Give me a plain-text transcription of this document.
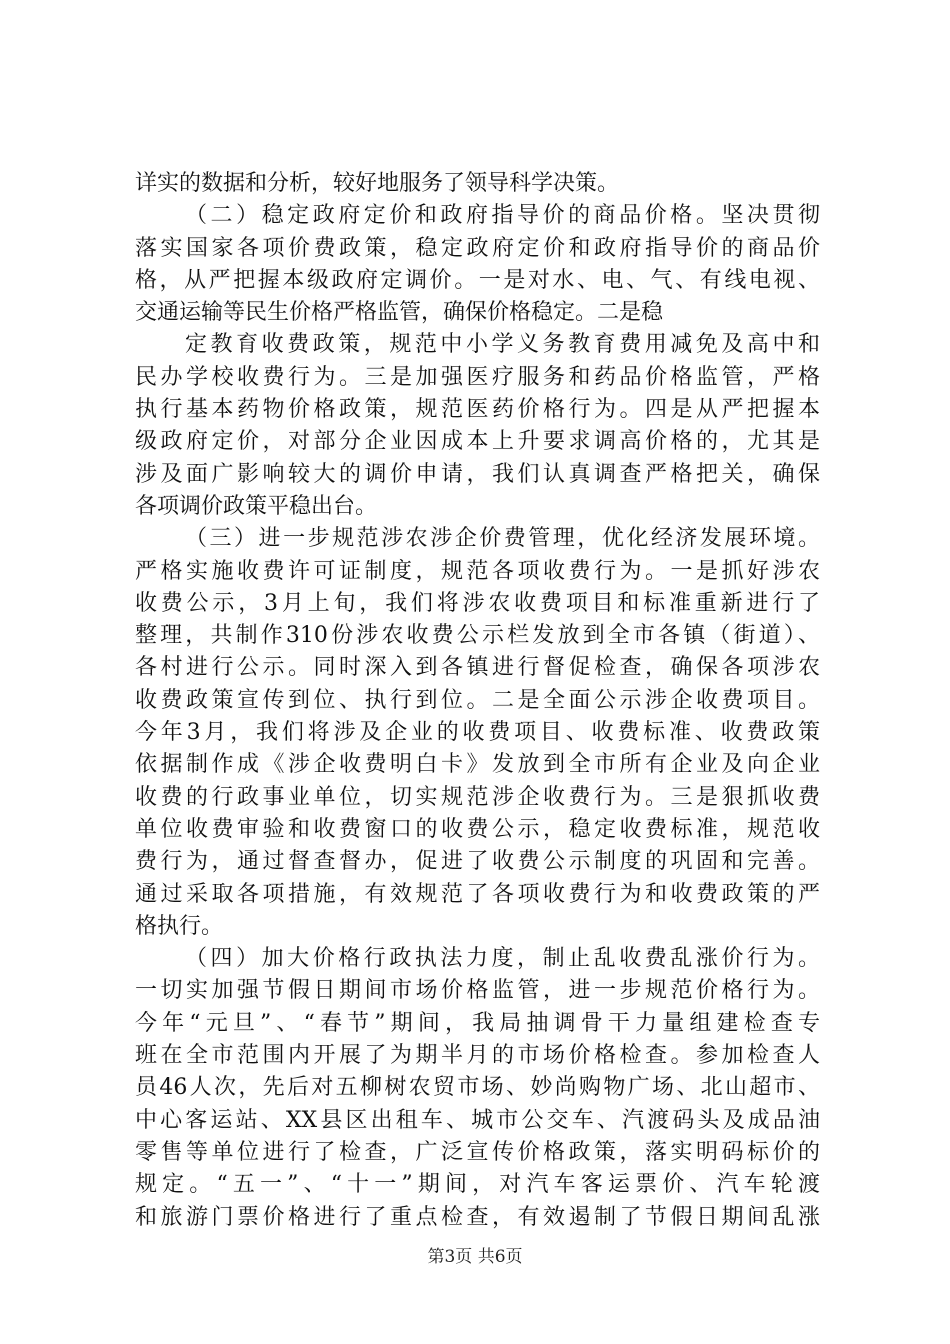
详实的数据和分析，较好地服务了领导科学决策。
（二）稳定政府定价和政府指导价的商品价格。坚决贯彻
落实国家各项价费政策，稳定政府定价和政府指导价的商品价
格，从严把握本级政府定调价。一是对水、电、气、有线电视、
交通运输等民生价格严格监管，确保价格稳定。二是稳
定教育收费政策，规范中小学义务教育费用减免及高中和
民办学校收费行为。三是加强医疗服务和药品价格监管，严格
执行基本药物价格政策，规范医药价格行为。四是从严把握本
级政府定价，对部分企业因成本上升要求调高价格的，尤其是
涉及面广影响较大的调价申请，我们认真调查严格把关，确保
各项调价政策平稳出台。
（三）进一步规范涉农涉企价费管理，优化经济发展环境。
严格实施收费许可证制度，规范各项收费行为。一是抓好涉农
收费公示，3月上旬，我们将涉农收费项目和标准重新进行了
整理，共制作310份涉农收费公示栏发放到全市各镇（街道）、
各村进行公示。同时深入到各镇进行督促检查，确保各项涉农
收费政策宣传到位、执行到位。二是全面公示涉企收费项目。
今年3月，我们将涉及企业的收费项目、收费标准、收费政策
依据制作成《涉企收费明白卡》发放到全市所有企业及向企业
收费的行政事业单位，切实规范涉企收费行为。三是狠抓收费
单位收费审验和收费窗口的收费公示，稳定收费标准，规范收
费行为，通过督查督办，促进了收费公示制度的巩固和完善。
通过采取各项措施，有效规范了各项收费行为和收费政策的严
格执行。
（四）加大价格行政执法力度，制止乱收费乱涨价行为。
一切实加强节假日期间市场价格监管，进一步规范价格行为。
今年“元旦”、“春节”期间，我局抽调骨干力量组建检查专
班在全市范围内开展了为期半月的市场价格检查。参加检查人
员46人次，先后对五柳树农贸市场、妙尚购物广场、北山超市、
中心客运站、XX县区出租车、城市公交车、汽渡码头及成品油
零售等单位进行了检查，广泛宣传价格政策，落实明码标价的
规定。“五一”、“十一”期间，对汽车客运票价、汽车轮渡
和旅游门票价格进行了重点检查，有效遏制了节假日期间乱涨
第3页 共6页
